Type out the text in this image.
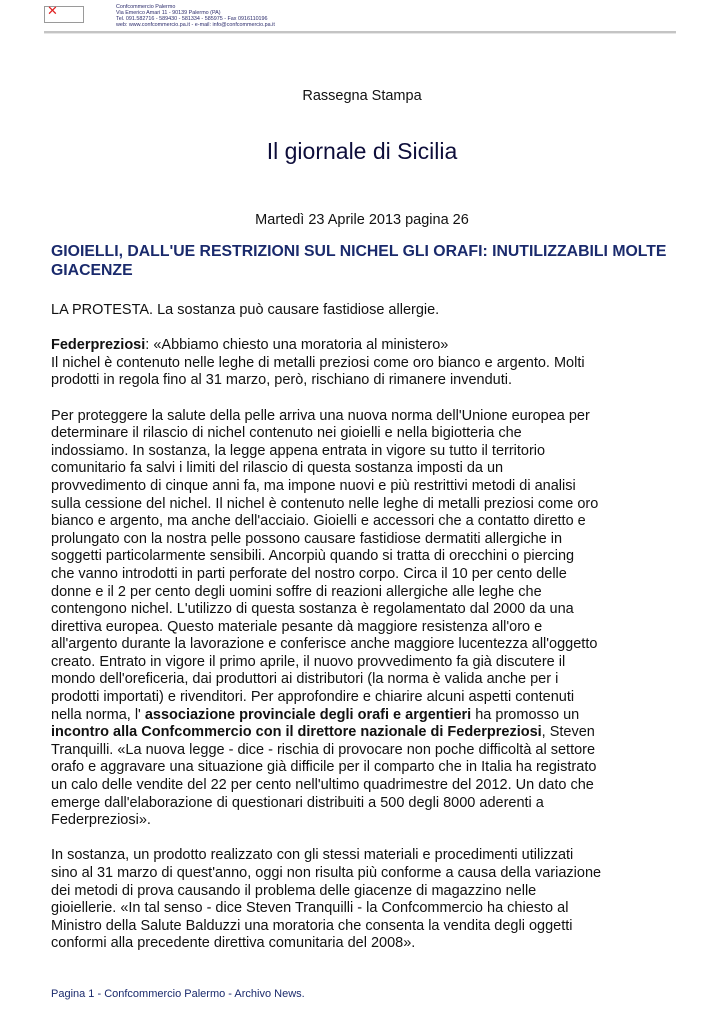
✕	Confcommercio Palermo
Via Emerico Amari 11 - 90139 Palermo (PA)
Tel. 091.582716 - 589430 - 581334 - 585975 - Fax 0916110196
web: www.confcommercio.pa.it - e-mail: info@confcommercio.pa.it
Rassegna Stampa
Il giornale di Sicilia
Martedì 23 Aprile 2013 pagina 26
GIOIELLI, DALL'UE RESTRIZIONI SUL NICHEL GLI ORAFI: INUTILIZZABILI MOLTE GIACENZE

LA PROTESTA. La sostanza può causare fastidiose allergie.

Federpreziosi: «Abbiamo chiesto una moratoria al ministero»
Il nichel è contenuto nelle leghe di metalli preziosi come oro bianco e argento. Molti
prodotti in regola fino al 31 marzo, però, rischiano di rimanere invenduti.

Per proteggere la salute della pelle arriva una nuova norma dell'Unione europea per
determinare il rilascio di nichel contenuto nei gioielli e nella bigiotteria che
indossiamo. In sostanza, la legge appena entrata in vigore su tutto il territorio
comunitario fa salvi i limiti del rilascio di questa sostanza imposti da un
provvedimento di cinque anni fa, ma impone nuovi e più restrittivi metodi di analisi
sulla cessione del nichel. Il nichel è contenuto nelle leghe di metalli preziosi come oro
bianco e argento, ma anche dell'acciaio. Gioielli e accessori che a contatto diretto e
prolungato con la nostra pelle possono causare fastidiose dermatiti allergiche in
soggetti particolarmente sensibili. Ancorpiù quando si tratta di orecchini o piercing
che vanno introdotti in parti perforate del nostro corpo. Circa il 10 per cento delle
donne e il 2 per cento degli uomini soffre di reazioni allergiche alle leghe che
contengono nichel. L'utilizzo di questa sostanza è regolamentato dal 2000 da una
direttiva europea. Questo materiale pesante dà maggiore resistenza all'oro e
all'argento durante la lavorazione e conferisce anche maggiore lucentezza all'oggetto
creato. Entrato in vigore il primo aprile, il nuovo provvedimento fa già discutere il
mondo dell'oreficeria, dai produttori ai distributori (la norma è valida anche per i
prodotti importati) e rivenditori. Per approfondire e chiarire alcuni aspetti contenuti
nella norma, l' associazione provinciale degli orafi e argentieri ha promosso un
incontro alla Confcommercio con il direttore nazionale di Federpreziosi, Steven
Tranquilli. «La nuova legge - dice - rischia di provocare non poche difficoltà al settore
orafo e aggravare una situazione già difficile per il comparto che in Italia ha registrato
un calo delle vendite del 22 per cento nell'ultimo quadrimestre del 2012. Un dato che
emerge dall'elaborazione di questionari distribuiti a 500 degli 8000 aderenti a
Federpreziosi».

In sostanza, un prodotto realizzato con gli stessi materiali e procedimenti utilizzati
sino al 31 marzo di quest'anno, oggi non risulta più conforme a causa della variazione
dei metodi di prova causando il problema delle giacenze di magazzino nelle
gioiellerie. «In tal senso - dice Steven Tranquilli - la Confcommercio ha chiesto al
Ministro della Salute Balduzzi una moratoria che consenta la vendita degli oggetti
conformi alla precedente direttiva comunitaria del 2008».

Pagina 1 - Confcommercio Palermo - Archivo News.
